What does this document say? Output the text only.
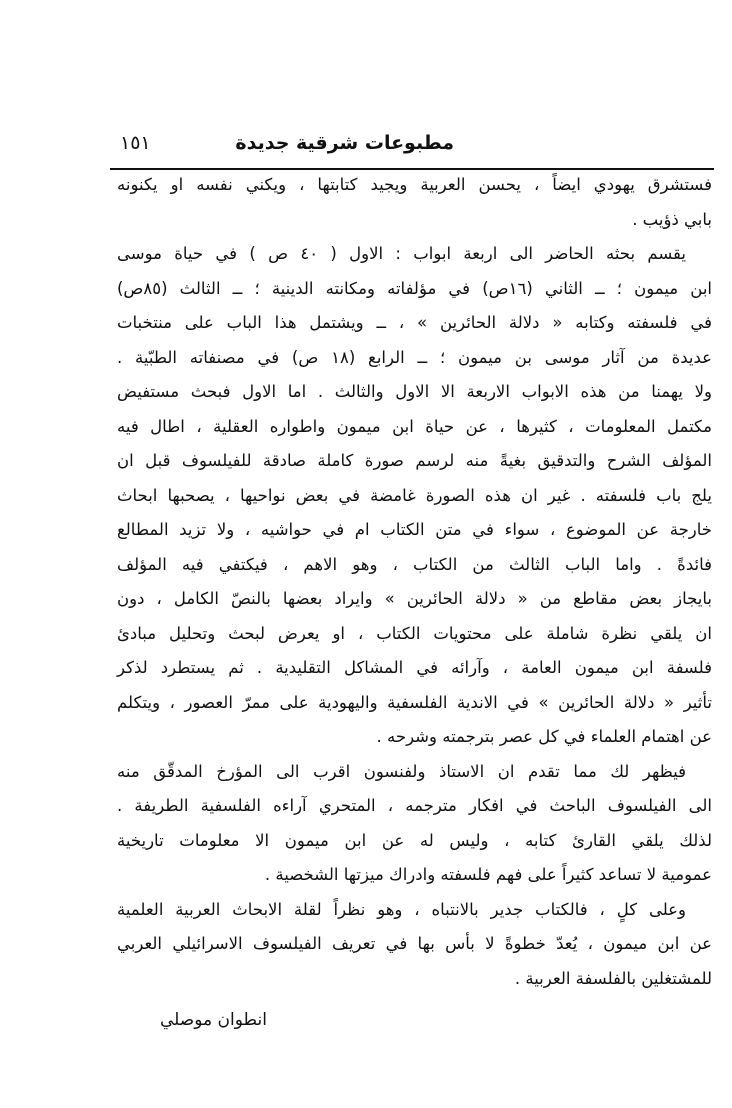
مطبوعات شرقية جديدة
١٥١
فستشرق يهودي ايضاً ، يحسن العربية ويجيد كتابتها ، ويكني نفسه او يكنونه
بابي ذؤيب .
يقسم بحثه الحاضر الى اربعة ابواب : الاول ( ٤٠ ص ) في حياة موسى
ابن ميمون ؛ ــ الثاني (١٦ص) في مؤلفاته ومكانته الدينية ؛ ــ الثالث (٨٥ص)
في فلسفته وكتابه « دلالة الحائرين » ، ــ ويشتمل هذا الباب على منتخبات
عديدة من آثار موسى بن ميمون ؛ ــ الرابع (١٨ ص) في مصنفاته الطبّية .
ولا يهمنا من هذه الابواب الاربعة الا الاول والثالث . اما الاول فبحث مستفيض
مكتمل المعلومات ، كثيرها ، عن حياة ابن ميمون واطواره العقلية ، اطال فيه
المؤلف الشرح والتدقيق بغيةً منه لرسم صورة كاملة صادقة للفيلسوف قبل ان
يلج باب فلسفته . غير ان هذه الصورة غامضة في بعض نواحيها ، يصحبها ابحاث
خارجة عن الموضوع ، سواء في متن الكتاب ام في حواشيه ، ولا تزيد المطالع
فائدةً . واما الباب الثالث من الكتاب ، وهو الاهم ، فيكتفي فيه المؤلف
بايجاز بعض مقاطع من « دلالة الحائرين » وايراد بعضها بالنصّ الكامل ، دون
ان يلقي نظرة شاملة على محتويات الكتاب ، او يعرض لبحث وتحليل مبادئ
فلسفة ابن ميمون العامة ، وآرائه في المشاكل التقليدية . ثم يستطرد لذكر
تأثير « دلالة الحائرين » في الاندية الفلسفية واليهودية على ممرّ العصور ، ويتكلم
عن اهتمام العلماء في كل عصر بترجمته وشرحه .
فيظهر لك مما تقدم ان الاستاذ ولفنسون اقرب الى المؤرخ المدقّق منه
الى الفيلسوف الباحث في افكار مترجمه ، المتحري آراءه الفلسفية الطريفة .
لذلك يلقي القارئ كتابه ، وليس له عن ابن ميمون الا معلومات تاريخية
عمومية لا تساعد كثيراً على فهم فلسفته وادراك ميزتها الشخصية .
وعلى كلٍ ، فالكتاب جدير بالانتباه ، وهو نظراً لقلة الابحاث العربية العلمية
عن ابن ميمون ، يُعدّ خطوةً لا بأس بها في تعريف الفيلسوف الاسرائيلي العربي
للمشتغلين بالفلسفة العربية .
انطوان موصلي
